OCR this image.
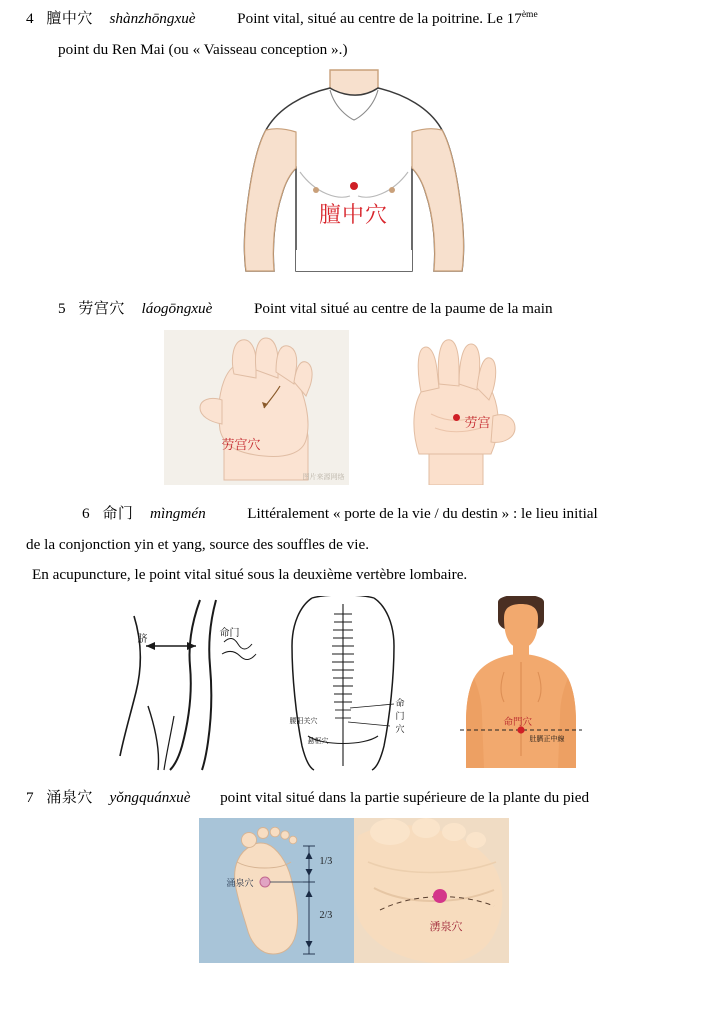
4 膻中穴 shànzhōngxuè	Point vital, situé au centre de la poitrine. Le 17ème
point du Ren Mai (ou « Vaisseau conception ».)
膻中穴
5 劳宫穴 láogōngxuè	Point vital situé au centre de la paume de la main
劳宫穴
图片来源网络
劳宫
6 命门 mìngmén	Littéralement « porte de la vie / du destin » : le lieu initial
de la conjonction yin et yang, source des souffles de vie.
En acupuncture, le point vital situé sous la deuxième vertèbre lombaire.
脐
命门
腰阳关穴
悬枢穴
命门穴
命門穴
肚臍正中線
7 涌泉穴 yǒngquánxuè point vital situé dans la partie supérieure de la plante du pied
1/3
2/3
涌泉穴
湧泉穴
